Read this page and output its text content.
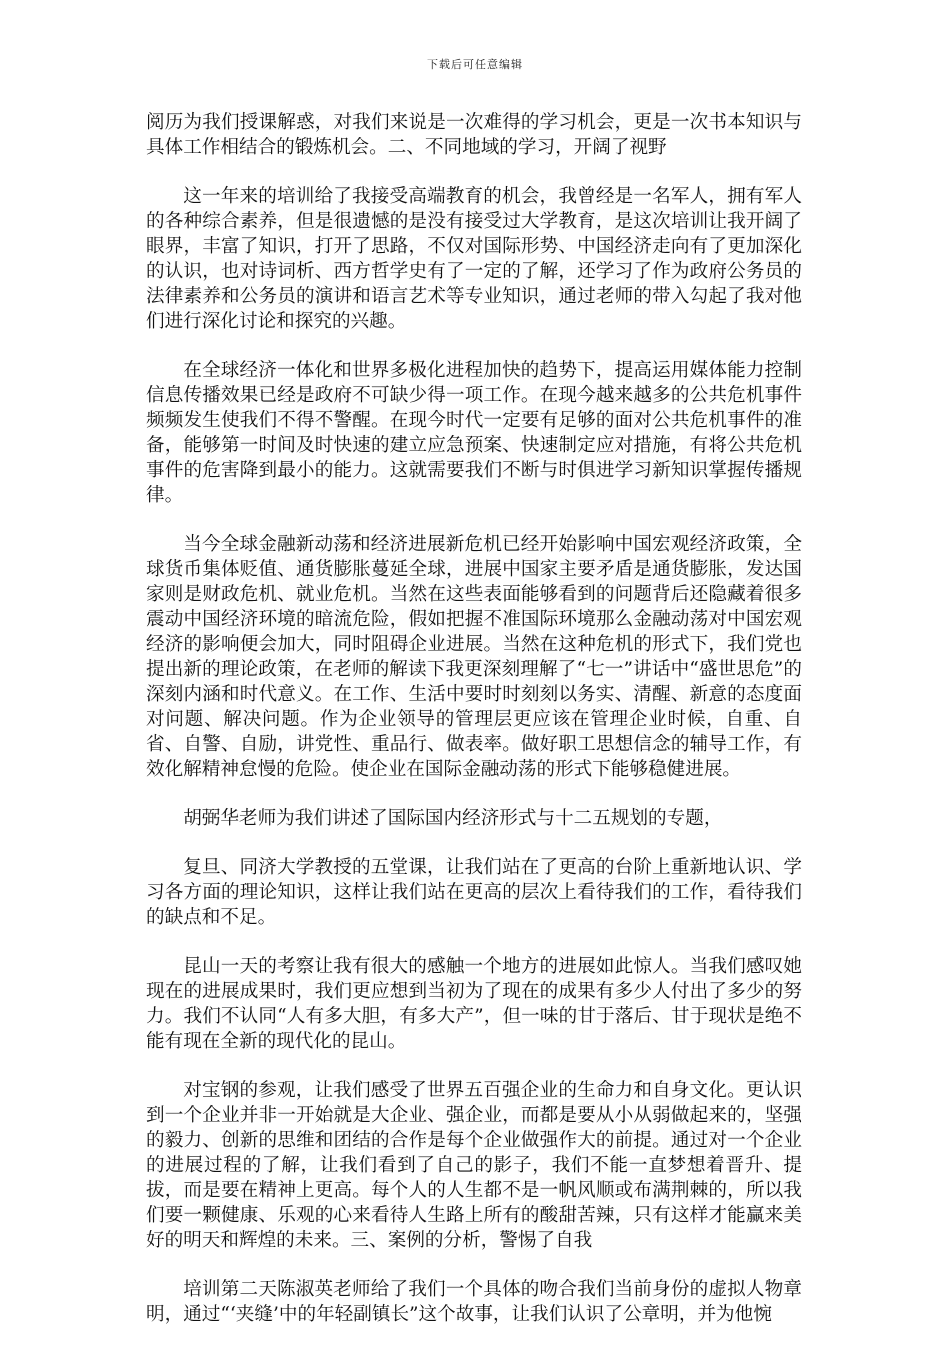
下载后可任意编辑

阅历为我们授课解惑，对我们来说是一次难得的学习机会，更是一次书本知识与具体工作相结合的锻炼机会。二、不同地域的学习，开阔了视野

这一年来的培训给了我接受高端教育的机会，我曾经是一名军人，拥有军人的各种综合素养，但是很遗憾的是没有接受过大学教育，是这次培训让我开阔了眼界，丰富了知识，打开了思路，不仅对国际形势、中国经济走向有了更加深化的认识，也对诗词析、西方哲学史有了一定的了解，还学习了作为政府公务员的法律素养和公务员的演讲和语言艺术等专业知识，通过老师的带入勾起了我对他们进行深化讨论和探究的兴趣。

在全球经济一体化和世界多极化进程加快的趋势下，提高运用媒体能力控制信息传播效果已经是政府不可缺少得一项工作。在现今越来越多的公共危机事件频频发生使我们不得不警醒。在现今时代一定要有足够的面对公共危机事件的准备，能够第一时间及时快速的建立应急预案、快速制定应对措施，有将公共危机事件的危害降到最小的能力。这就需要我们不断与时俱进学习新知识掌握传播规律。

当今全球金融新动荡和经济进展新危机已经开始影响中国宏观经济政策，全球货币集体贬值、通货膨胀蔓延全球，进展中国家主要矛盾是通货膨胀，发达国家则是财政危机、就业危机。当然在这些表面能够看到的问题背后还隐藏着很多震动中国经济环境的暗流危险，假如把握不准国际环境那么金融动荡对中国宏观经济的影响便会加大，同时阻碍企业进展。当然在这种危机的形式下，我们党也提出新的理论政策，在老师的解读下我更深刻理解了“七一”讲话中“盛世思危”的深刻内涵和时代意义。在工作、生活中要时时刻刻以务实、清醒、新意的态度面对问题、解决问题。作为企业领导的管理层更应该在管理企业时候，自重、自省、自警、自励，讲党性、重品行、做表率。做好职工思想信念的辅导工作，有效化解精神怠慢的危险。使企业在国际金融动荡的形式下能够稳健进展。

胡弼华老师为我们讲述了国际国内经济形式与十二五规划的专题，

复旦、同济大学教授的五堂课，让我们站在了更高的台阶上重新地认识、学习各方面的理论知识，这样让我们站在更高的层次上看待我们的工作，看待我们的缺点和不足。

昆山一天的考察让我有很大的感触一个地方的进展如此惊人。当我们感叹她现在的进展成果时，我们更应想到当初为了现在的成果有多少人付出了多少的努力。我们不认同“人有多大胆，有多大产”，但一味的甘于落后、甘于现状是绝不能有现在全新的现代化的昆山。

对宝钢的参观，让我们感受了世界五百强企业的生命力和自身文化。更认识到一个企业并非一开始就是大企业、强企业，而都是要从小从弱做起来的，坚强的毅力、创新的思维和团结的合作是每个企业做强作大的前提。通过对一个企业的进展过程的了解，让我们看到了自己的影子，我们不能一直梦想着晋升、提拔，而是要在精神上更高。每个人的人生都不是一帆风顺或布满荆棘的，所以我们要一颗健康、乐观的心来看待人生路上所有的酸甜苦辣，只有这样才能赢来美好的明天和辉煌的未来。三、案例的分析，警惕了自我

培训第二天陈淑英老师给了我们一个具体的吻合我们当前身份的虚拟人物章明，通过“‘夹缝’中的年轻副镇长”这个故事，让我们认识了公章明，并为他惋
